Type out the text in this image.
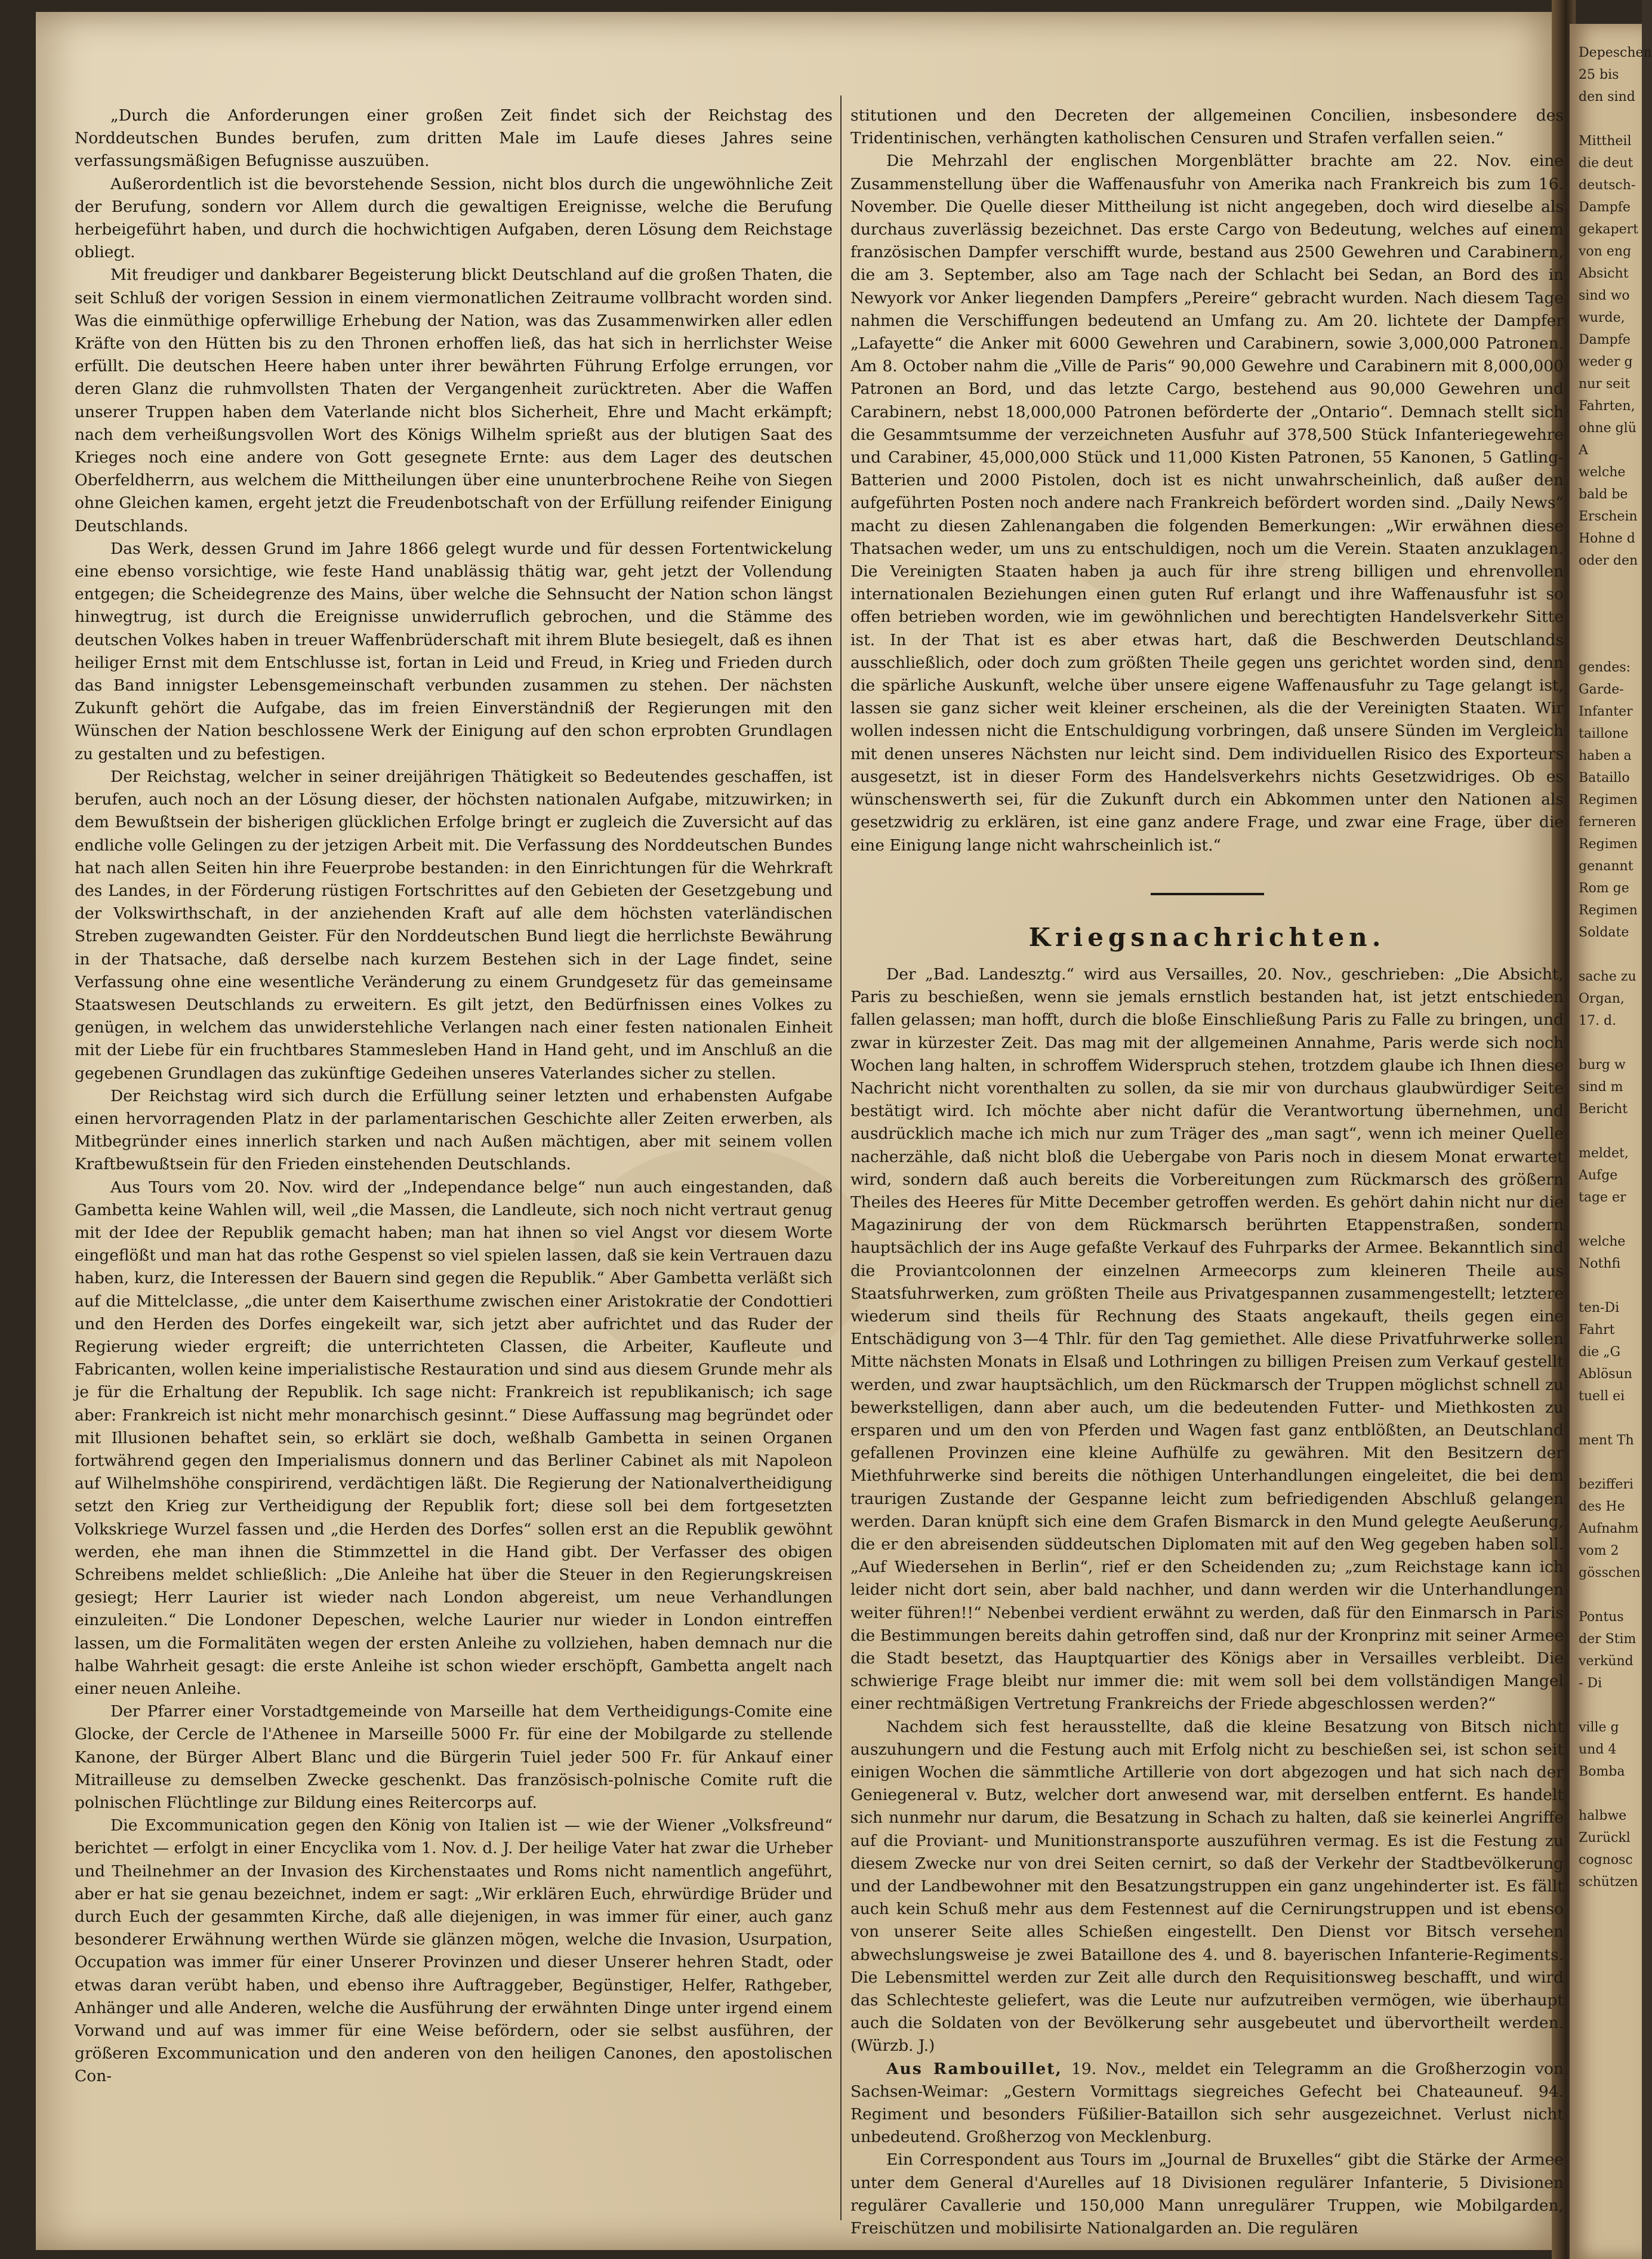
„Durch die Anforderungen einer großen Zeit findet sich der Reichstag des Norddeutschen Bundes berufen, zum dritten Male im Laufe dieses Jahres seine verfassungsmäßigen Befugnisse auszuüben.

Außerordentlich ist die bevorstehende Session, nicht blos durch die ungewöhnliche Zeit der Berufung, sondern vor Allem durch die gewaltigen Ereignisse, welche die Berufung herbeigeführt haben, und durch die hochwichtigen Aufgaben, deren Lösung dem Reichstage obliegt.

Mit freudiger und dankbarer Begeisterung blickt Deutschland auf die großen Thaten, die seit Schluß der vorigen Session in einem viermonatlichen Zeitraume vollbracht worden sind. Was die einmüthige opferwillige Erhebung der Nation, was das Zusammenwirken aller edlen Kräfte von den Hütten bis zu den Thronen erhoffen ließ, das hat sich in herrlichster Weise erfüllt. Die deutschen Heere haben unter ihrer bewährten Führung Erfolge errungen, vor deren Glanz die ruhmvollsten Thaten der Vergangenheit zurücktreten. Aber die Waffen unserer Truppen haben dem Vaterlande nicht blos Sicherheit, Ehre und Macht erkämpft; nach dem verheißungsvollen Wort des Königs Wilhelm sprießt aus der blutigen Saat des Krieges noch eine andere von Gott gesegnete Ernte: aus dem Lager des deutschen Oberfeldherrn, aus welchem die Mittheilungen über eine ununterbrochene Reihe von Siegen ohne Gleichen kamen, ergeht jetzt die Freudenbotschaft von der Erfüllung reifender Einigung Deutschlands.

Das Werk, dessen Grund im Jahre 1866 gelegt wurde und für dessen Fortentwickelung eine ebenso vorsichtige, wie feste Hand unablässig thätig war, geht jetzt der Vollendung entgegen; die Scheidegrenze des Mains, über welche die Sehnsucht der Nation schon längst hinwegtrug, ist durch die Ereignisse unwiderruflich gebrochen, und die Stämme des deutschen Volkes haben in treuer Waffenbrüderschaft mit ihrem Blute besiegelt, daß es ihnen heiliger Ernst mit dem Entschlusse ist, fortan in Leid und Freud, in Krieg und Frieden durch das Band innigster Lebensgemeinschaft verbunden zusammen zu stehen. Der nächsten Zukunft gehört die Aufgabe, das im freien Einverständniß der Regierungen mit den Wünschen der Nation beschlossene Werk der Einigung auf den schon erprobten Grundlagen zu gestalten und zu befestigen.

Der Reichstag, welcher in seiner dreijährigen Thätigkeit so Bedeutendes geschaffen, ist berufen, auch noch an der Lösung dieser, der höchsten nationalen Aufgabe, mitzuwirken; in dem Bewußtsein der bisherigen glücklichen Erfolge bringt er zugleich die Zuversicht auf das endliche volle Gelingen zu der jetzigen Arbeit mit. Die Verfassung des Norddeutschen Bundes hat nach allen Seiten hin ihre Feuerprobe bestanden: in den Einrichtungen für die Wehrkraft des Landes, in der Förderung rüstigen Fortschrittes auf den Gebieten der Gesetzgebung und der Volkswirthschaft, in der anziehenden Kraft auf alle dem höchsten vaterländischen Streben zugewandten Geister. Für den Norddeutschen Bund liegt die herrlichste Bewährung in der Thatsache, daß derselbe nach kurzem Bestehen sich in der Lage findet, seine Verfassung ohne eine wesentliche Veränderung zu einem Grundgesetz für das gemeinsame Staatswesen Deutschlands zu erweitern. Es gilt jetzt, den Bedürfnissen eines Volkes zu genügen, in welchem das unwiderstehliche Verlangen nach einer festen nationalen Einheit mit der Liebe für ein fruchtbares Stammesleben Hand in Hand geht, und im Anschluß an die gegebenen Grundlagen das zukünftige Gedeihen unseres Vaterlandes sicher zu stellen.

Der Reichstag wird sich durch die Erfüllung seiner letzten und erhabensten Aufgabe einen hervorragenden Platz in der parlamentarischen Geschichte aller Zeiten erwerben, als Mitbegründer eines innerlich starken und nach Außen mächtigen, aber mit seinem vollen Kraftbewußtsein für den Frieden einstehenden Deutschlands.

Aus Tours vom 20. Nov. wird der „Independance belge“ nun auch eingestanden, daß Gambetta keine Wahlen will, weil „die Massen, die Landleute, sich noch nicht vertraut genug mit der Idee der Republik gemacht haben; man hat ihnen so viel Angst vor diesem Worte eingeflößt und man hat das rothe Gespenst so viel spielen lassen, daß sie kein Vertrauen dazu haben, kurz, die Interessen der Bauern sind gegen die Republik.“ Aber Gambetta verläßt sich auf die Mittelclasse, „die unter dem Kaiserthume zwischen einer Aristokratie der Condottieri und den Herden des Dorfes eingekeilt war, sich jetzt aber aufrichtet und das Ruder der Regierung wieder ergreift; die unterrichteten Classen, die Arbeiter, Kaufleute und Fabricanten, wollen keine imperialistische Restauration und sind aus diesem Grunde mehr als je für die Erhaltung der Republik. Ich sage nicht: Frankreich ist republikanisch; ich sage aber: Frankreich ist nicht mehr monarchisch gesinnt.“ Diese Auffassung mag begründet oder mit Illusionen behaftet sein, so erklärt sie doch, weßhalb Gambetta in seinen Organen fortwährend gegen den Imperialismus donnern und das Berliner Cabinet als mit Napoleon auf Wilhelmshöhe conspirirend, verdächtigen läßt. Die Regierung der Nationalvertheidigung setzt den Krieg zur Vertheidigung der Republik fort; diese soll bei dem fortgesetzten Volkskriege Wurzel fassen und „die Herden des Dorfes“ sollen erst an die Republik gewöhnt werden, ehe man ihnen die Stimmzettel in die Hand gibt. Der Verfasser des obigen Schreibens meldet schließlich: „Die Anleihe hat über die Steuer in den Regierungskreisen gesiegt; Herr Laurier ist wieder nach London abgereist, um neue Verhandlungen einzuleiten.“ Die Londoner Depeschen, welche Laurier nur wieder in London eintreffen lassen, um die Formalitäten wegen der ersten Anleihe zu vollziehen, haben demnach nur die halbe Wahrheit gesagt: die erste Anleihe ist schon wieder erschöpft, Gambetta angelt nach einer neuen Anleihe.

Der Pfarrer einer Vorstadtgemeinde von Marseille hat dem Vertheidigungs-Comite eine Glocke, der Cercle de l'Athenee in Marseille 5000 Fr. für eine der Mobilgarde zu stellende Kanone, der Bürger Albert Blanc und die Bürgerin Tuiel jeder 500 Fr. für Ankauf einer Mitrailleuse zu demselben Zwecke geschenkt. Das französisch-polnische Comite ruft die polnischen Flüchtlinge zur Bildung eines Reitercorps auf.

Die Excommunication gegen den König von Italien ist — wie der Wiener „Volksfreund“ berichtet — erfolgt in einer Encyclika vom 1. Nov. d. J. Der heilige Vater hat zwar die Urheber und Theilnehmer an der Invasion des Kirchenstaates und Roms nicht namentlich angeführt, aber er hat sie genau bezeichnet, indem er sagt: „Wir erklären Euch, ehrwürdige Brüder und durch Euch der gesammten Kirche, daß alle diejenigen, in was immer für einer, auch ganz besonderer Erwähnung werthen Würde sie glänzen mögen, welche die Invasion, Usurpation, Occupation was immer für einer Unserer Provinzen und dieser Unserer hehren Stadt, oder etwas daran verübt haben, und ebenso ihre Auftraggeber, Begünstiger, Helfer, Rathgeber, Anhänger und alle Anderen, welche die Ausführung der erwähnten Dinge unter irgend einem Vorwand und auf was immer für eine Weise befördern, oder sie selbst ausführen, der größeren Excommunication und den anderen von den heiligen Canones, den apostolischen Con-

stitutionen und den Decreten der allgemeinen Concilien, insbesondere des Tridentinischen, verhängten katholischen Censuren und Strafen verfallen seien.“

Die Mehrzahl der englischen Morgenblätter brachte am 22. Nov. eine Zusammenstellung über die Waffenausfuhr von Amerika nach Frankreich bis zum 16. November. Die Quelle dieser Mittheilung ist nicht angegeben, doch wird dieselbe als durchaus zuverlässig bezeichnet. Das erste Cargo von Bedeutung, welches auf einem französischen Dampfer verschifft wurde, bestand aus 2500 Gewehren und Carabinern, die am 3. September, also am Tage nach der Schlacht bei Sedan, an Bord des in Newyork vor Anker liegenden Dampfers „Pereire“ gebracht wurden. Nach diesem Tage nahmen die Verschiffungen bedeutend an Umfang zu. Am 20. lichtete der Dampfer „Lafayette“ die Anker mit 6000 Gewehren und Carabinern, sowie 3,000,000 Patronen. Am 8. October nahm die „Ville de Paris“ 90,000 Gewehre und Carabinern mit 8,000,000 Patronen an Bord, und das letzte Cargo, bestehend aus 90,000 Gewehren und Carabinern, nebst 18,000,000 Patronen beförderte der „Ontario“. Demnach stellt sich die Gesammtsumme der verzeichneten Ausfuhr auf 378,500 Stück Infanteriegewehre und Carabiner, 45,000,000 Stück und 11,000 Kisten Patronen, 55 Kanonen, 5 Gatling-Batterien und 2000 Pistolen, doch ist es nicht unwahrscheinlich, daß außer den aufgeführten Posten noch andere nach Frankreich befördert worden sind. „Daily News“ macht zu diesen Zahlenangaben die folgenden Bemerkungen: „Wir erwähnen diese Thatsachen weder, um uns zu entschuldigen, noch um die Verein. Staaten anzuklagen. Die Vereinigten Staaten haben ja auch für ihre streng billigen und ehrenvollen internationalen Beziehungen einen guten Ruf erlangt und ihre Waffenausfuhr ist so offen betrieben worden, wie im gewöhnlichen und berechtigten Handelsverkehr Sitte ist. In der That ist es aber etwas hart, daß die Beschwerden Deutschlands ausschließlich, oder doch zum größten Theile gegen uns gerichtet worden sind, denn die spärliche Auskunft, welche über unsere eigene Waffenausfuhr zu Tage gelangt ist, lassen sie ganz sicher weit kleiner erscheinen, als die der Vereinigten Staaten. Wir wollen indessen nicht die Entschuldigung vorbringen, daß unsere Sünden im Vergleich mit denen unseres Nächsten nur leicht sind. Dem individuellen Risico des Exporteurs ausgesetzt, ist in dieser Form des Handelsverkehrs nichts Gesetzwidriges. Ob es wünschenswerth sei, für die Zukunft durch ein Abkommen unter den Nationen als gesetzwidrig zu erklären, ist eine ganz andere Frage, und zwar eine Frage, über die eine Einigung lange nicht wahrscheinlich ist.“

Kriegsnachrichten.

Der „Bad. Landesztg.“ wird aus Versailles, 20. Nov., geschrieben: „Die Absicht, Paris zu beschießen, wenn sie jemals ernstlich bestanden hat, ist jetzt entschieden fallen gelassen; man hofft, durch die bloße Einschließung Paris zu Falle zu bringen, und zwar in kürzester Zeit. Das mag mit der allgemeinen Annahme, Paris werde sich noch Wochen lang halten, in schroffem Widerspruch stehen, trotzdem glaube ich Ihnen diese Nachricht nicht vorenthalten zu sollen, da sie mir von durchaus glaubwürdiger Seite bestätigt wird. Ich möchte aber nicht dafür die Verantwortung übernehmen, und ausdrücklich mache ich mich nur zum Träger des „man sagt“, wenn ich meiner Quelle nacherzähle, daß nicht bloß die Uebergabe von Paris noch in diesem Monat erwartet wird, sondern daß auch bereits die Vorbereitungen zum Rückmarsch des größern Theiles des Heeres für Mitte December getroffen werden. Es gehört dahin nicht nur die Magazinirung der von dem Rückmarsch berührten Etappenstraßen, sondern hauptsächlich der ins Auge gefaßte Verkauf des Fuhrparks der Armee. Bekanntlich sind die Proviantcolonnen der einzelnen Armeecorps zum kleineren Theile aus Staatsfuhrwerken, zum größten Theile aus Privatgespannen zusammengestellt; letztere wiederum sind theils für Rechnung des Staats angekauft, theils gegen eine Entschädigung von 3—4 Thlr. für den Tag gemiethet. Alle diese Privatfuhrwerke sollen Mitte nächsten Monats in Elsaß und Lothringen zu billigen Preisen zum Verkauf gestellt werden, und zwar hauptsächlich, um den Rückmarsch der Truppen möglichst schnell zu bewerkstelligen, dann aber auch, um die bedeutenden Futter- und Miethkosten zu ersparen und um den von Pferden und Wagen fast ganz entblößten, an Deutschland gefallenen Provinzen eine kleine Aufhülfe zu gewähren. Mit den Besitzern der Miethfuhrwerke sind bereits die nöthigen Unterhandlungen eingeleitet, die bei dem traurigen Zustande der Gespanne leicht zum befriedigenden Abschluß gelangen werden. Daran knüpft sich eine dem Grafen Bismarck in den Mund gelegte Aeußerung, die er den abreisenden süddeutschen Diplomaten mit auf den Weg gegeben haben soll. „Auf Wiedersehen in Berlin“, rief er den Scheidenden zu; „zum Reichstage kann ich leider nicht dort sein, aber bald nachher, und dann werden wir die Unterhandlungen weiter führen!!“ Nebenbei verdient erwähnt zu werden, daß für den Einmarsch in Paris die Bestimmungen bereits dahin getroffen sind, daß nur der Kronprinz mit seiner Armee die Stadt besetzt, das Hauptquartier des Königs aber in Versailles verbleibt. Die schwierige Frage bleibt nur immer die: mit wem soll bei dem vollständigen Mangel einer rechtmäßigen Vertretung Frankreichs der Friede abgeschlossen werden?“

Nachdem sich fest herausstellte, daß die kleine Besatzung von Bitsch nicht auszuhungern und die Festung auch mit Erfolg nicht zu beschießen sei, ist schon seit einigen Wochen die sämmtliche Artillerie von dort abgezogen und hat sich nach der Geniegeneral v. Butz, welcher dort anwesend war, mit derselben entfernt. Es handelt sich nunmehr nur darum, die Besatzung in Schach zu halten, daß sie keinerlei Angriffe auf die Proviant- und Munitionstransporte auszuführen vermag. Es ist die Festung zu diesem Zwecke nur von drei Seiten cernirt, so daß der Verkehr der Stadtbevölkerung und der Landbewohner mit den Besatzungstruppen ein ganz ungehinderter ist. Es fällt auch kein Schuß mehr aus dem Festennest auf die Cernirungstruppen und ist ebenso von unserer Seite alles Schießen eingestellt. Den Dienst vor Bitsch versehen abwechslungsweise je zwei Bataillone des 4. und 8. bayerischen Infanterie-Regiments. Die Lebensmittel werden zur Zeit alle durch den Requisitionsweg beschafft, und wird das Schlechteste geliefert, was die Leute nur aufzutreiben vermögen, wie überhaupt auch die Soldaten von der Bevölkerung sehr ausgebeutet und übervortheilt werden. (Würzb. J.)

Aus Rambouillet, 19. Nov., meldet ein Telegramm an die Großherzogin von Sachsen-Weimar: „Gestern Vormittags siegreiches Gefecht bei Chateauneuf. 94. Regiment und besonders Füßilier-Bataillon sich sehr ausgezeichnet. Verlust nicht unbedeutend. Großherzog von Mecklenburg.

Ein Correspondent aus Tours im „Journal de Bruxelles“ gibt die Stärke der Armee unter dem General d'Aurelles auf 18 Divisionen regulärer Infanterie, 5 Divisionen regulärer Cavallerie und 150,000 Mann unregulärer Truppen, wie Mobilgarden, Freischützen und mobilisirte Nationalgarden an. Die regulären

Depeschen
25 bis
den sind

Mittheil
die deut
deutsch-
Dampfe
gekapert
von eng
Absicht
sind wo
wurde,
Dampfe
weder g
nur seit
Fahrten,
ohne glü
A
welche
bald be
Erschein
Hohne d
oder den
gendes:
Garde-
Infanter
taillone
haben a
Bataillo
Regimen
ferneren
Regimen
genannt
Rom ge
Regimen
Soldate

sache zu
Organ,
17. d.

burg w
sind m
Bericht

meldet,
Aufge
tage er

welche
Nothfi

ten-Di
Fahrt
die „G
Ablösun
tuell ei

ment Th

bezifferi
des He
Aufnahm
vom 2
gösschen

Pontus
der Stim
verkünd
- Di

ville g
und 4
Bomba

halbwe
Zurückl
cognosc
schützen
